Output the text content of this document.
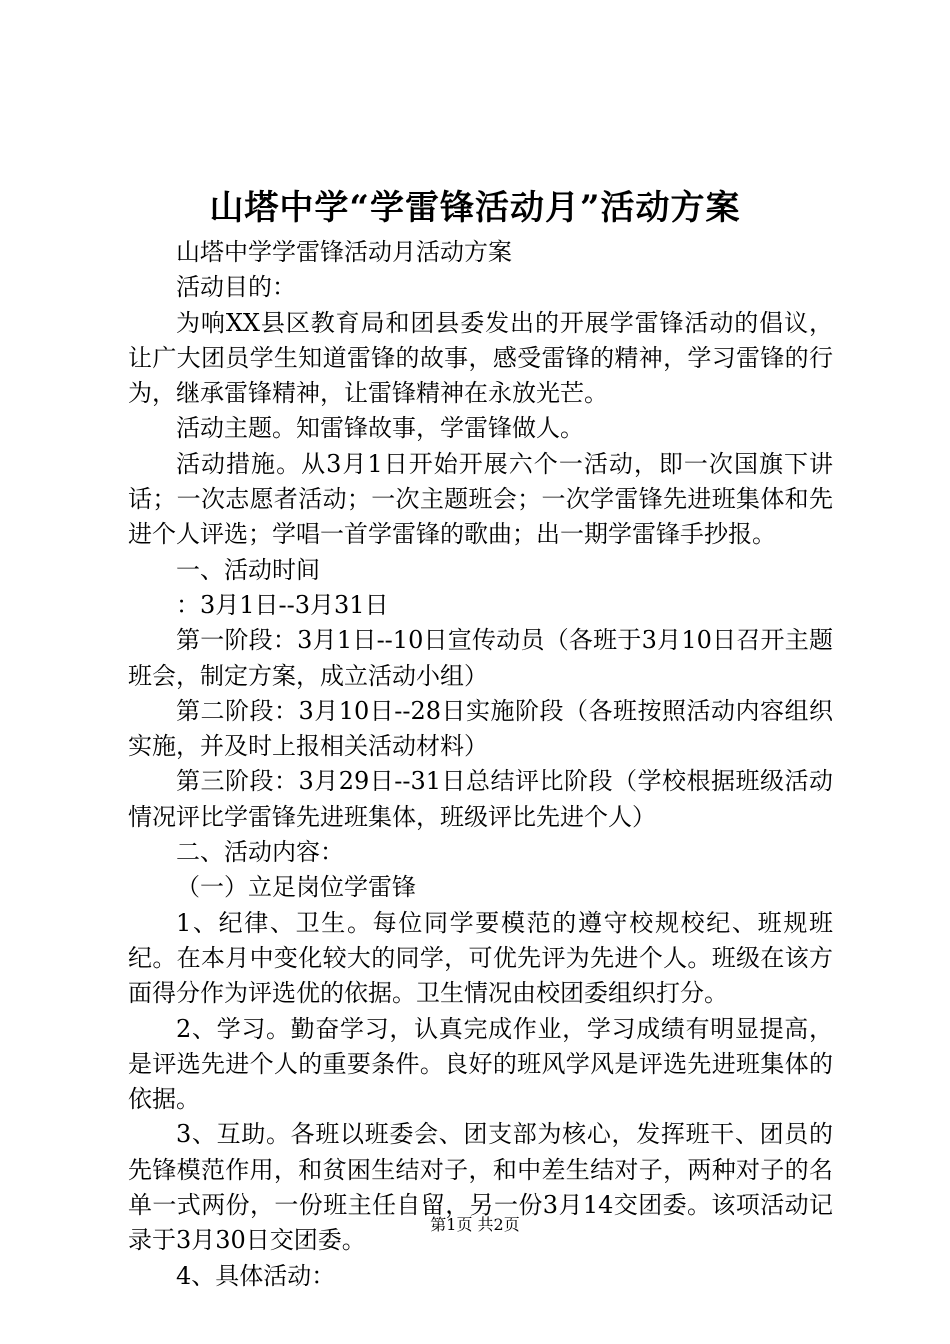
山塔中学“学雷锋活动月”活动方案

山塔中学学雷锋活动月活动方案

活动目的：

为响XX县区教育局和团县委发出的开展学雷锋活动的倡议，让广大团员学生知道雷锋的故事，感受雷锋的精神，学习雷锋的行为，继承雷锋精神，让雷锋精神在永放光芒。

活动主题。知雷锋故事，学雷锋做人。

活动措施。从3月1日开始开展六个一活动，即一次国旗下讲话；一次志愿者活动；一次主题班会；一次学雷锋先进班集体和先进个人评选；学唱一首学雷锋的歌曲；出一期学雷锋手抄报。

一、活动时间

：3月1日--3月31日

第一阶段：3月1日--10日宣传动员（各班于3月10日召开主题班会，制定方案，成立活动小组）

第二阶段：3月10日--28日实施阶段（各班按照活动内容组织实施，并及时上报相关活动材料）

第三阶段：3月29日--31日总结评比阶段（学校根据班级活动情况评比学雷锋先进班集体，班级评比先进个人）

二、活动内容：

（一）立足岗位学雷锋

1、纪律、卫生。每位同学要模范的遵守校规校纪、班规班纪。在本月中变化较大的同学，可优先评为先进个人。班级在该方面得分作为评选优的依据。卫生情况由校团委组织打分。

2、学习。勤奋学习，认真完成作业，学习成绩有明显提高，是评选先进个人的重要条件。良好的班风学风是评选先进班集体的依据。

3、互助。各班以班委会、团支部为核心，发挥班干、团员的先锋模范作用，和贫困生结对子，和中差生结对子，两种对子的名单一式两份，一份班主任自留，另一份3月14交团委。该项活动记录于3月30日交团委。

4、具体活动：

第1页 共2页
